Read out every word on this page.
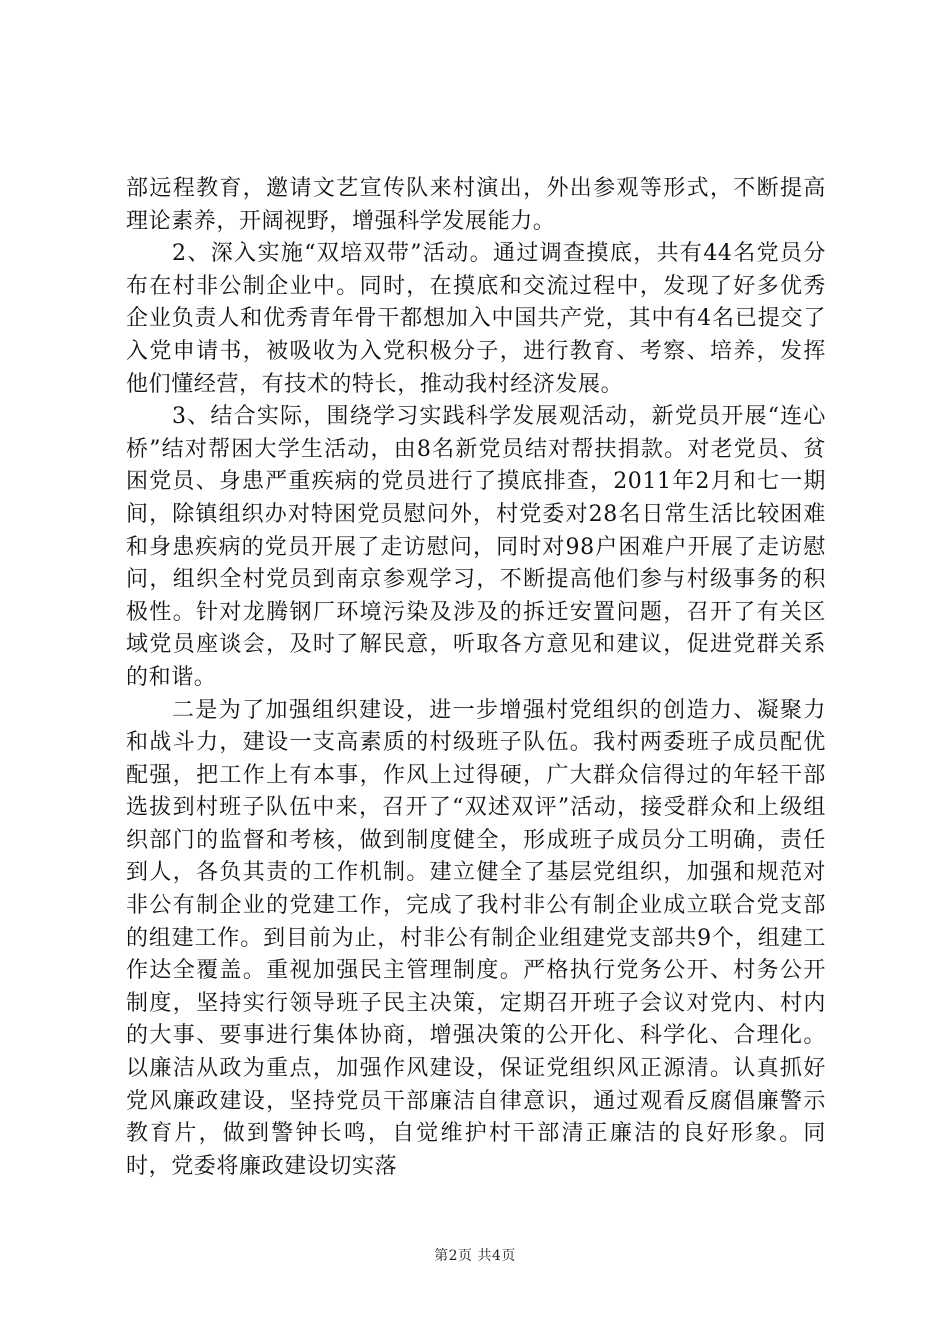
部远程教育，邀请文艺宣传队来村演出，外出参观等形式，不断提高理论素养，开阔视野，增强科学发展能力。

2、深入实施“双培双带”活动。通过调查摸底，共有44名党员分布在村非公制企业中。同时，在摸底和交流过程中，发现了好多优秀企业负责人和优秀青年骨干都想加入中国共产党，其中有4名已提交了入党申请书，被吸收为入党积极分子，进行教育、考察、培养，发挥他们懂经营，有技术的特长，推动我村经济发展。

3、结合实际，围绕学习实践科学发展观活动，新党员开展“连心桥”结对帮困大学生活动，由8名新党员结对帮扶捐款。对老党员、贫困党员、身患严重疾病的党员进行了摸底排查，2011年2月和七一期间，除镇组织办对特困党员慰问外，村党委对28名日常生活比较困难和身患疾病的党员开展了走访慰问，同时对98户困难户开展了走访慰问，组织全村党员到南京参观学习，不断提高他们参与村级事务的积极性。针对龙腾钢厂环境污染及涉及的拆迁安置问题，召开了有关区域党员座谈会，及时了解民意，听取各方意见和建议，促进党群关系的和谐。

二是为了加强组织建设，进一步增强村党组织的创造力、凝聚力和战斗力，建设一支高素质的村级班子队伍。我村两委班子成员配优配强，把工作上有本事，作风上过得硬，广大群众信得过的年轻干部选拔到村班子队伍中来，召开了“双述双评”活动，接受群众和上级组织部门的监督和考核，做到制度健全，形成班子成员分工明确，责任到人，各负其责的工作机制。建立健全了基层党组织，加强和规范对非公有制企业的党建工作，完成了我村非公有制企业成立联合党支部的组建工作。到目前为止，村非公有制企业组建党支部共9个，组建工作达全覆盖。重视加强民主管理制度。严格执行党务公开、村务公开制度，坚持实行领导班子民主决策，定期召开班子会议对党内、村内的大事、要事进行集体协商，增强决策的公开化、科学化、合理化。以廉洁从政为重点，加强作风建设，保证党组织风正源清。认真抓好党风廉政建设，坚持党员干部廉洁自律意识，通过观看反腐倡廉警示教育片，做到警钟长鸣，自觉维护村干部清正廉洁的良好形象。同时，党委将廉政建设切实落

第2页 共4页
